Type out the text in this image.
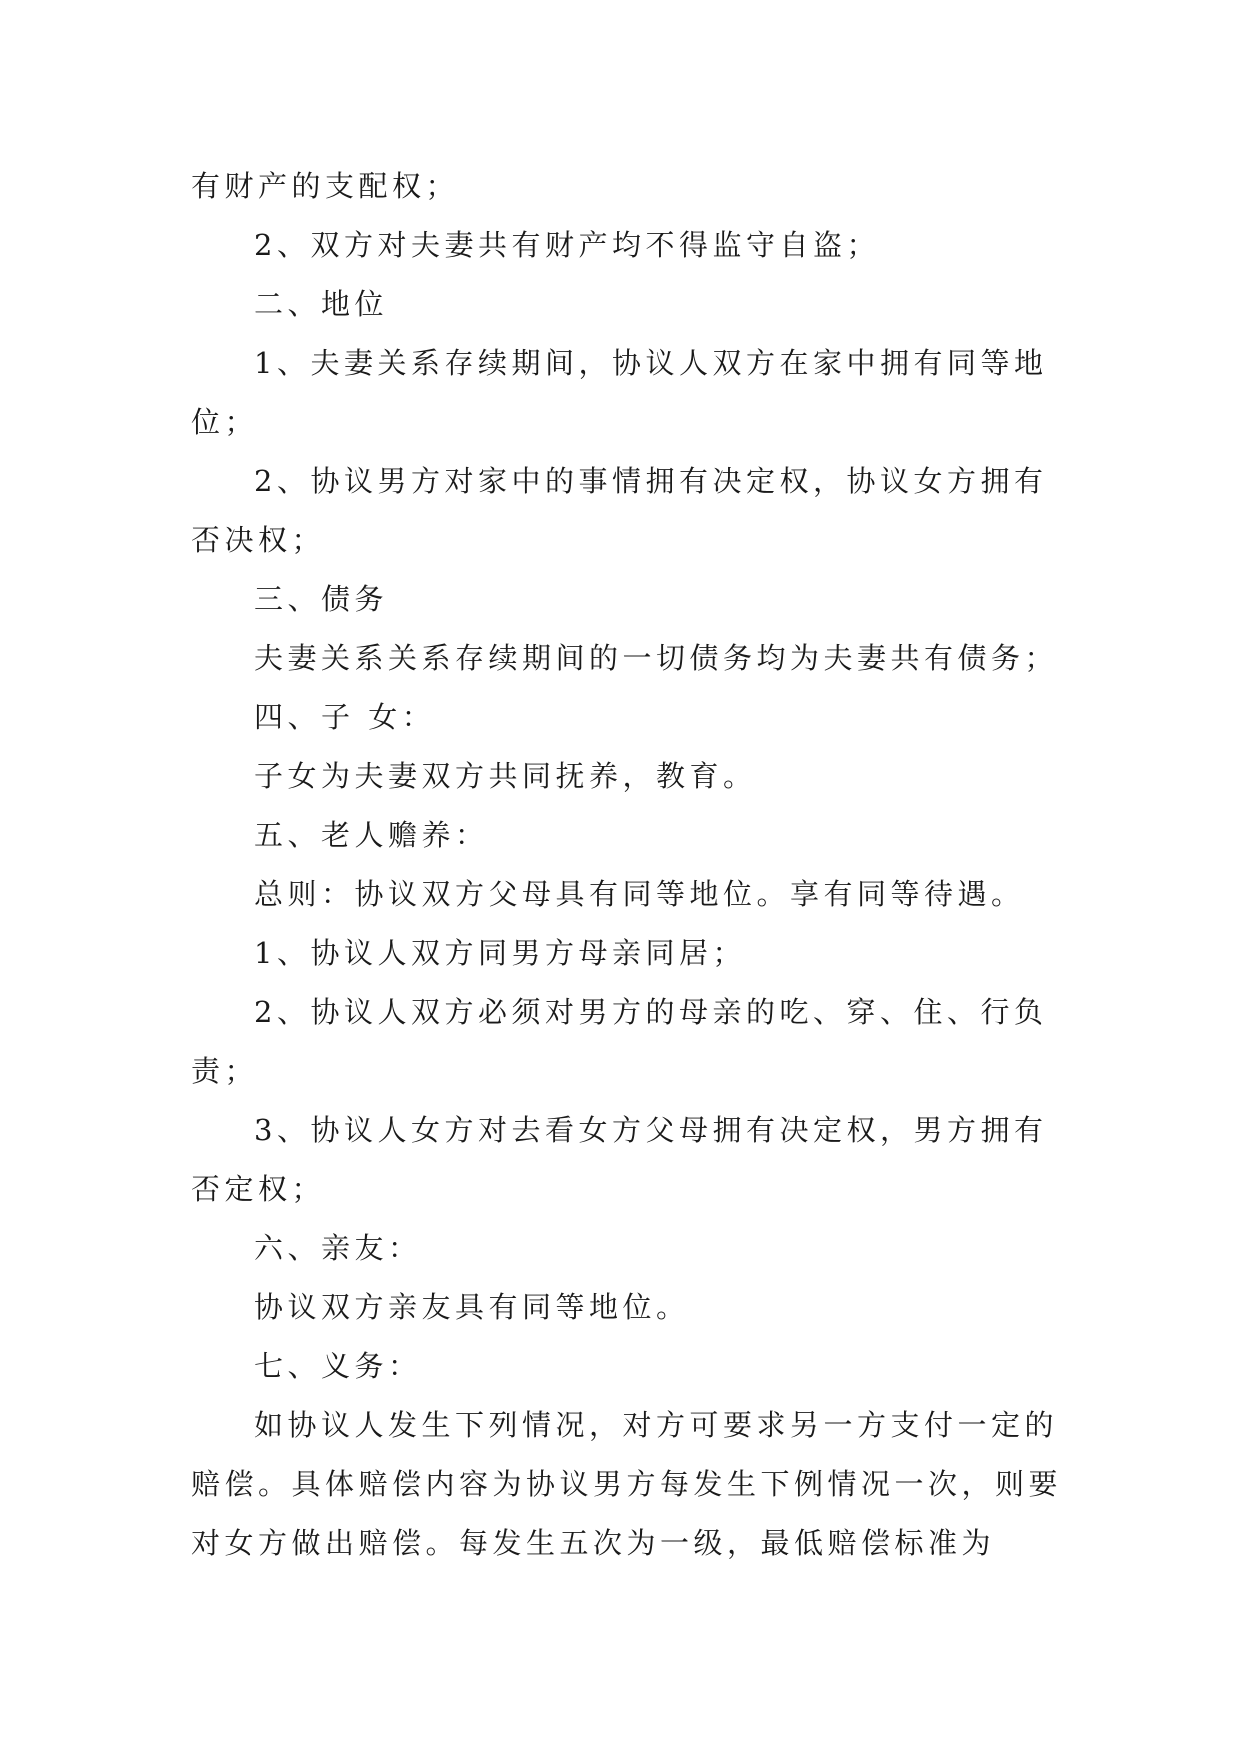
有财产的支配权；
2、双方对夫妻共有财产均不得监守自盗；
二、地位
1、夫妻关系存续期间，协议人双方在家中拥有同等地
位；
2、协议男方对家中的事情拥有决定权，协议女方拥有
否决权；
三、债务
夫妻关系关系存续期间的一切债务均为夫妻共有债务；
四、子 女：
子女为夫妻双方共同抚养，教育。
五、老人赡养：
总则：协议双方父母具有同等地位。享有同等待遇。
1、协议人双方同男方母亲同居；
2、协议人双方必须对男方的母亲的吃、穿、住、行负
责；
3、协议人女方对去看女方父母拥有决定权，男方拥有
否定权；
六、亲友：
协议双方亲友具有同等地位。
七、义务：
如协议人发生下列情况，对方可要求另一方支付一定的
赔偿。具体赔偿内容为协议男方每发生下例情况一次，则要
对女方做出赔偿。每发生五次为一级，最低赔偿标准为
